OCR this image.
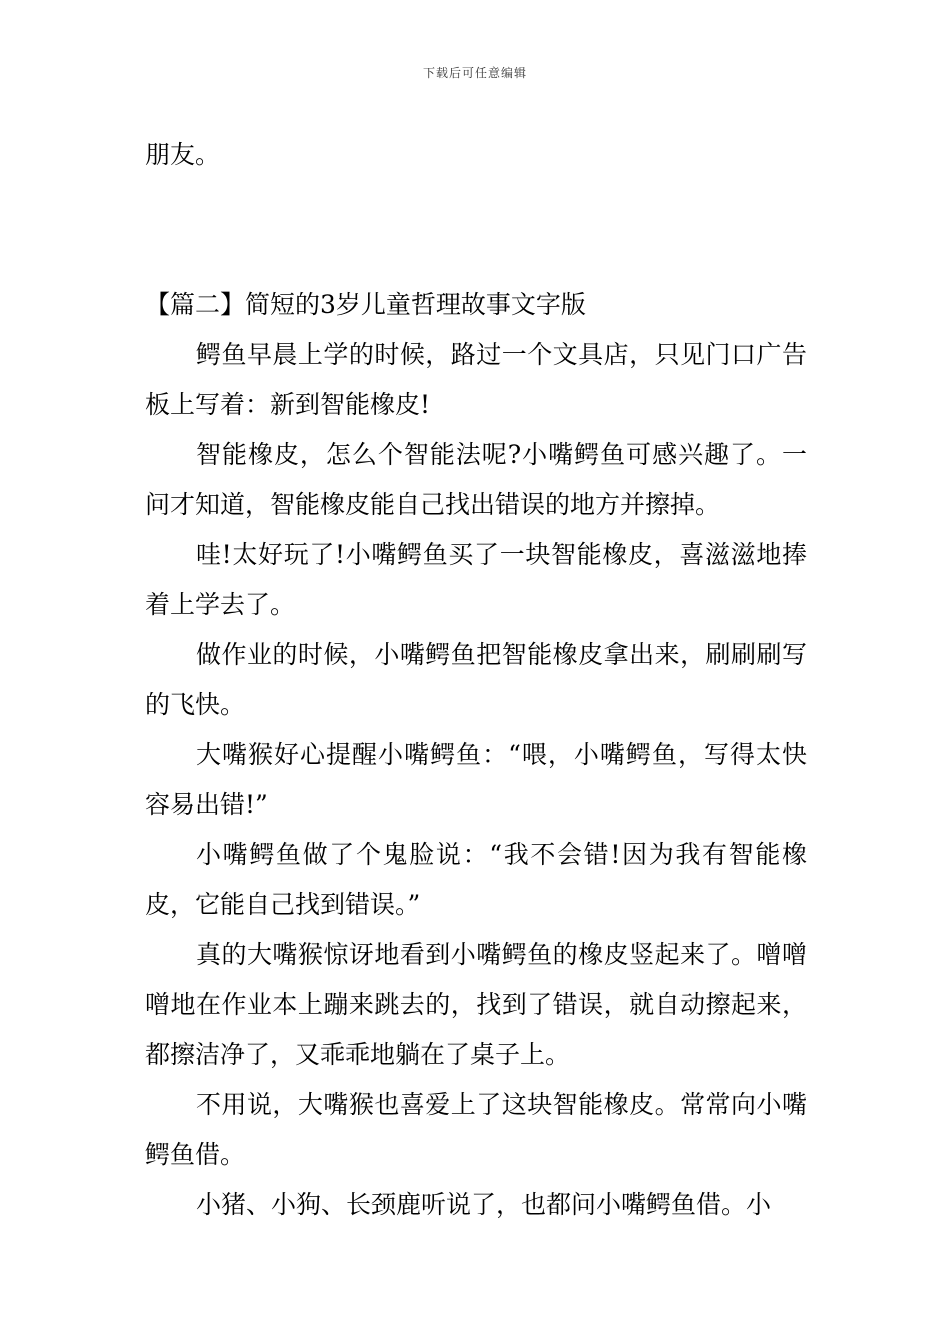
下载后可任意编辑

朋友。

【篇二】简短的3岁儿童哲理故事文字版

鳄鱼早晨上学的时候，路过一个文具店，只见门口广告板上写着：新到智能橡皮!

智能橡皮，怎么个智能法呢?小嘴鳄鱼可感兴趣了。一问才知道，智能橡皮能自己找出错误的地方并擦掉。

哇!太好玩了!小嘴鳄鱼买了一块智能橡皮，喜滋滋地捧着上学去了。

做作业的时候，小嘴鳄鱼把智能橡皮拿出来，刷刷刷写的飞快。

大嘴猴好心提醒小嘴鳄鱼：“喂，小嘴鳄鱼，写得太快容易出错!”

小嘴鳄鱼做了个鬼脸说：“我不会错!因为我有智能橡皮，它能自己找到错误。”

真的大嘴猴惊讶地看到小嘴鳄鱼的橡皮竖起来了。噌噌噌地在作业本上蹦来跳去的，找到了错误，就自动擦起来，都擦洁净了，又乖乖地躺在了桌子上。

不用说，大嘴猴也喜爱上了这块智能橡皮。常常向小嘴鳄鱼借。

小猪、小狗、长颈鹿听说了，也都问小嘴鳄鱼借。小
